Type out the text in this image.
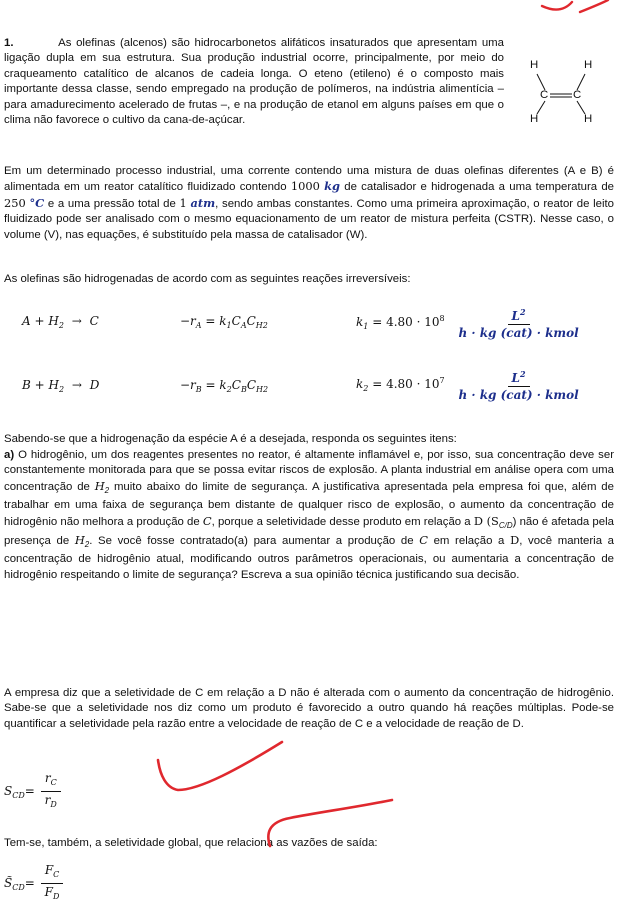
1.	As olefinas (alcenos) são hidrocarbonetos alifáticos insaturados que apresentam uma ligação dupla em sua estrutura. Sua produção industrial ocorre, principalmente, por meio do craqueamento catalítico de alcanos de cadeia longa. O eteno (etileno) é o composto mais importante dessa classe, sendo empregado na produção de polímeros, na indústria alimentícia – para amadurecimento acelerado de frutas –, e na produção de etanol em alguns países em que o clima não favorece o cultivo da cana-de-açúcar.

H	H
C C
H	H

Em um determinado processo industrial, uma corrente contendo uma mistura de duas olefinas diferentes (A e B) é alimentada em um reator catalítico fluidizado contendo 1000 kg de catalisador e hidrogenada a uma temperatura de 250 °C e a uma pressão total de 1 atm, sendo ambas constantes. Como uma primeira aproximação, o reator de leito fluidizado pode ser analisado com o mesmo equacionamento de um reator de mistura perfeita (CSTR). Nesse caso, o volume (V), nas equações, é substituído pela massa de catalisador (W).

As olefinas são hidrogenadas de acordo com as seguintes reações irreversíveis:

$A + H_2 \to C$	$-r_A = k_1C_AC_{H2}$	$k_1 = 4.80 \cdot 10^8 \frac{L^2}{\text{h · kg (cat) · kmol}}$
$B + H_2 \to D$	$-r_B = k_2C_BC_{H2}$	$k_2 = 4.80 \cdot 10^7 \frac{L^2}{\text{h · kg (cat) · kmol}}$

Sabendo-se que a hidrogenação da espécie A é a desejada, responda os seguintes itens:

a) O hidrogênio, um dos reagentes presentes no reator, é altamente inflamável e, por isso, sua concentração deve ser constantemente monitorada para que se possa evitar riscos de explosão. A planta industrial em análise opera com uma concentração de $H_2$ muito abaixo do limite de segurança. A justificativa apresentada pela empresa foi que, além de trabalhar em uma faixa de segurança bem distante de qualquer risco de explosão, o aumento da concentração de hidrogênio não melhora a produção de C, porque a seletividade desse produto em relação a D $(S_{C/D})$ não é afetada pela presença de $H_2$. Se você fosse contratado(a) para aumentar a produção de C em relação a D, você manteria a concentração de hidrogênio atual, modificando outros parâmetros operacionais, ou aumentaria a concentração de hidrogênio respeitando o limite de segurança? Escreva a sua opinião técnica justificando sua decisão.

A empresa diz que a seletividade de C em relação a D não é alterada com o aumento da concentração de hidrogênio. Sabe-se que a seletividade nos diz como um produto é favorecido a outro quando há reações múltiplas. Pode-se quantificar a seletividade pela razão entre a velocidade de reação de C e a velocidade de reação de D.

$S_{CD}= \frac{r_C}{r_D}$

Tem-se, também, a seletividade global, que relaciona as vazões de saída:

$S̃_{CD}= \frac{F_C}{F_D}$
